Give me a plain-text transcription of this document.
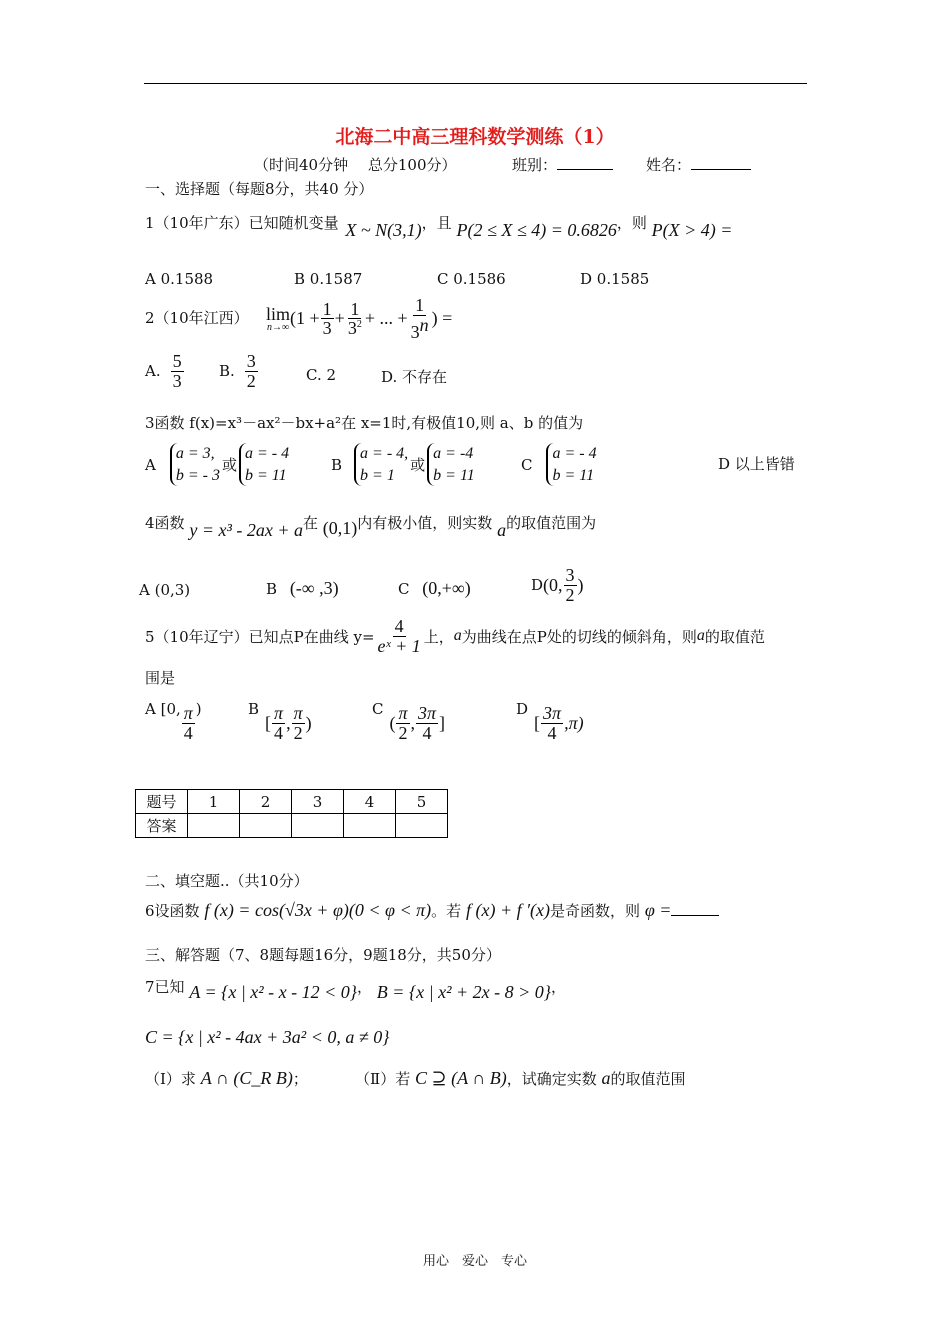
北海二中高三理科数学测练（1）
（时间40分钟　 总分100分）	班别：	姓名：
一、选择题（每题8分，共40 分）
1（10年广东）已知随机变量 X ~ N(3,1)，且 P(2 ≤ X ≤ 4) = 0.6826，则 P(X > 4) =
A 0.1588	B 0.1587	C 0.1586	D 0.1585
2（10年江西） lim
n→∞ ($1 + \frac{1}{3} + \frac{1}{3^2}$ + ... + $\frac{1}{3^n}$ ) =
A. $\frac{5}{3} B$. $\frac{3}{2}$	C. 2	D. 不存在
3函数 f(x)=x³－ax²－bx+a²在 x=1时,有极值10,则 a、b 的值为
A
a = 3,
b = - 3
或
a = - 4
b = 11
B
a = - 4,
b = 1
或
a = -4
b = 11
C
a = - 4
b = 11
D 以上皆错
4函数 y = x³ - 2ax + a在 (0,1)内有极小值，则实数 a的取值范围为
A (0,3)	B (-∞ ,3)	C (0,+∞)	D (0, $\frac{3}{2}$ )
5（10年辽宁）已知点P在曲线 $y= \frac{4}{\text{eˣ + 1}}$ 上， a 为曲线在点P处的切线的倾斜角，则 a 的取值范
围是
A [0, $\frac{\pi}{4}$ )	B
[ $\frac{\pi}{4}$ , $\frac{\pi}{2}$ )
C
( $\frac{\pi}{2}$ , $\frac{3\pi}{4}$ ]
D
[ $\frac{3\pi}{4} ,\pi$)
题号	1	2	3	4	5
答案					
二、填空题..（共10分）
6设函数 f (x) = cos(√3x + φ)(0 < φ < π)。若 f (x) + f ′(x)是奇函数，则 φ =
三、解答题（7、8题每题16分，9题18分，共50分）
7已知 A = {x | x² - x - 12 < 0}， B = {x | x² + 2x - 8 > 0}，
C = {x | x² - 4ax + 3a² < 0, a ≠ 0}
（Ⅰ）求 A ∩ (C_R B)；	（Ⅱ）若 C ⊇ (A ∩ B)，试确定实数 a的取值范围
用心　爱心　专心
